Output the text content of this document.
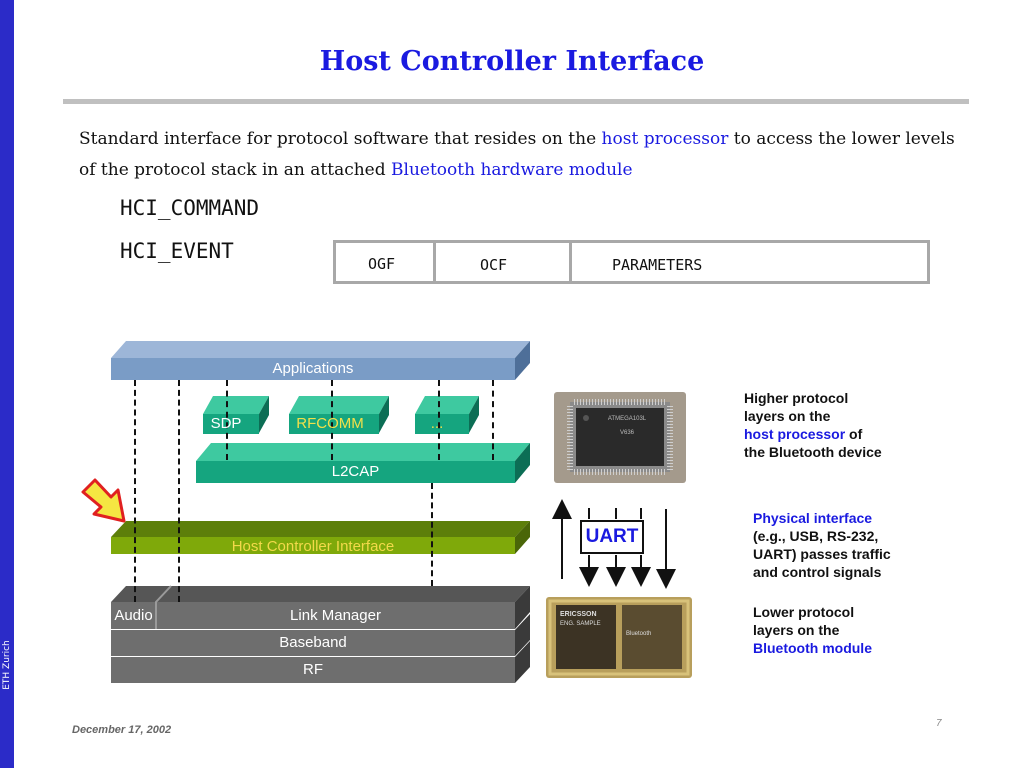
ETH Zurich
Host Controller Interface
Standard interface for protocol software that resides on the host processor to access the lower levels of the protocol stack in an attached Bluetooth hardware module
HCI_COMMAND
HCI_EVENT
OGF	OCF	PARAMETERS
Applications
SDP	RFCOMM	...
L2CAP
Host Controller Interface
Audio	Link Manager
Baseband
RF
ATMEGA103L
V636
ERICSSON
ENG. SAMPLE
Bluetooth
UART
Higher protocol
layers on the
host processor of
the Bluetooth device
Physical interface
(e.g., USB, RS-232,
UART) passes traffic
and control signals
Lower protocol
layers on the
Bluetooth module
December 17, 2002
7
